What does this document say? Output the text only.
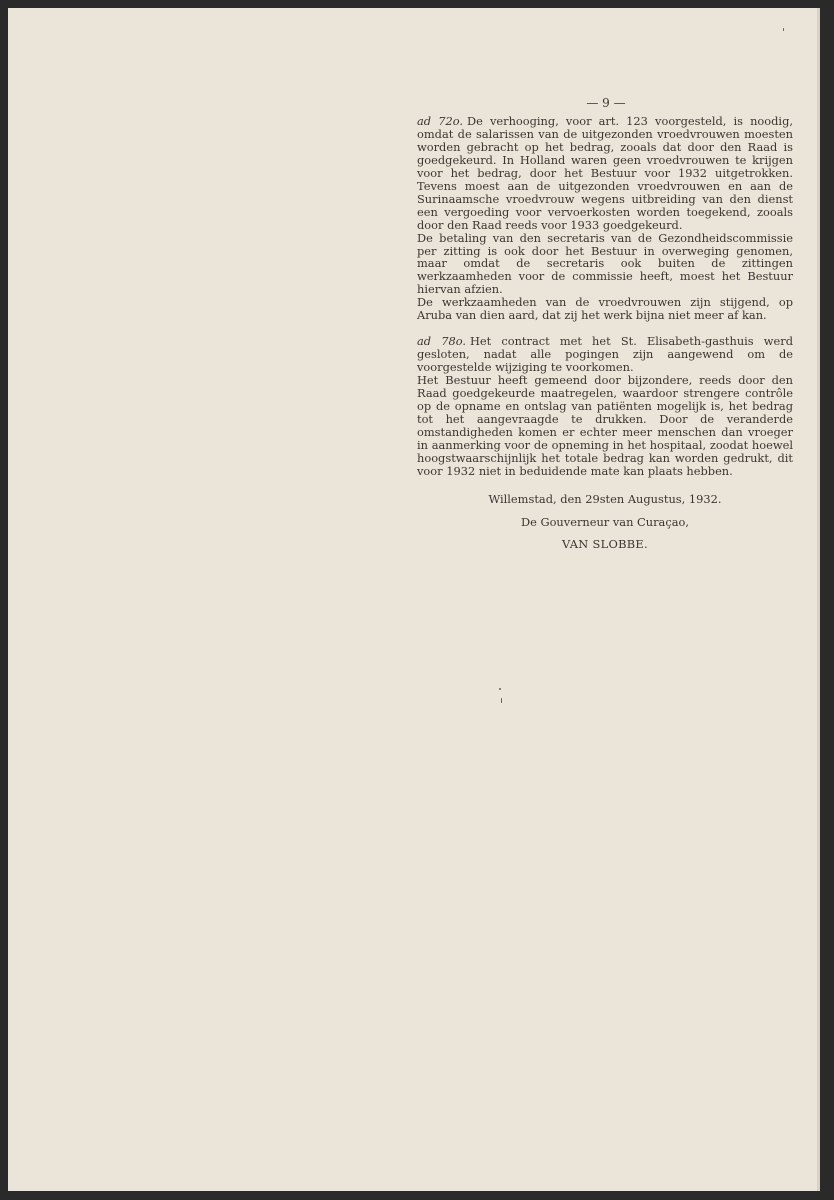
— 9 —

ad 72o. De verhooging, voor art. 123 voorgesteld, is noodig, omdat de salarissen van de uitgezonden vroedvrouwen moesten worden gebracht op het bedrag, zooals dat door den Raad is goedgekeurd. In Holland waren geen vroedvrouwen te krijgen voor het bedrag, door het Bestuur voor 1932 uitgetrokken. Tevens moest aan de uitgezonden vroedvrouwen en aan de Surinaamsche vroedvrouw wegens uitbreiding van den dienst een vergoeding voor vervoerkosten worden toegekend, zooals door den Raad reeds voor 1933 goedgekeurd.

De betaling van den secretaris van de Gezondheidscommissie per zitting is ook door het Bestuur in overweging genomen, maar omdat de secretaris ook buiten de zittingen werkzaamheden voor de commissie heeft, moest het Bestuur hiervan afzien.

De werkzaamheden van de vroedvrouwen zijn stijgend, op Aruba van dien aard, dat zij het werk bijna niet meer af kan.

ad 78o. Het contract met het St. Elisabeth-gasthuis werd gesloten, nadat alle pogingen zijn aangewend om de voorgestelde wijziging te voorkomen.

Het Bestuur heeft gemeend door bijzondere, reeds door den Raad goedgekeurde maatregelen, waardoor strengere contrôle op de opname en ontslag van patiënten mogelijk is, het bedrag tot het aangevraagde te drukken. Door de veranderde omstandigheden komen er echter meer menschen dan vroeger in aanmerking voor de opneming in het hospitaal, zoodat hoewel hoogstwaarschijnlijk het totale bedrag kan worden gedrukt, dit voor 1932 niet in beduidende mate kan plaats hebben.

Willemstad, den 29sten Augustus, 1932.
De Gouverneur van Curaçao,
VAN SLOBBE.
